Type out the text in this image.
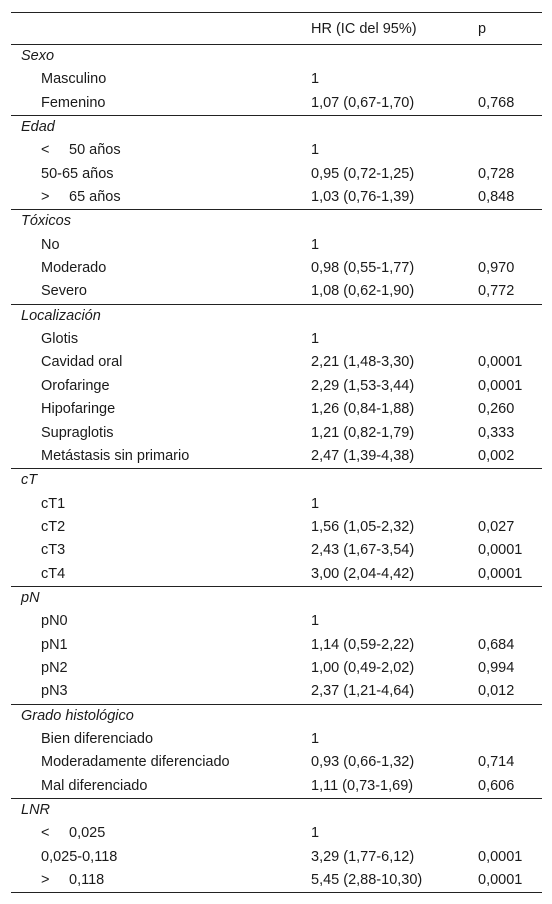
	HR (IC del 95%)	p
Sexo		
Masculino	1	
Femenino	1,07 (0,67-1,70)	0,768
Edad		
< 50 años	1	
50-65 años	0,95 (0,72-1,25)	0,728
> 65 años	1,03 (0,76-1,39)	0,848
Tóxicos		
No	1	
Moderado	0,98 (0,55-1,77)	0,970
Severo	1,08 (0,62-1,90)	0,772
Localización		
Glotis	1	
Cavidad oral	2,21 (1,48-3,30)	0,0001
Orofaringe	2,29 (1,53-3,44)	0,0001
Hipofaringe	1,26 (0,84-1,88)	0,260
Supraglotis	1,21 (0,82-1,79)	0,333
Metástasis sin primario	2,47 (1,39-4,38)	0,002
cT		
cT1	1	
cT2	1,56 (1,05-2,32)	0,027
cT3	2,43 (1,67-3,54)	0,0001
cT4	3,00 (2,04-4,42)	0,0001
pN		
pN0	1	
pN1	1,14 (0,59-2,22)	0,684
pN2	1,00 (0,49-2,02)	0,994
pN3	2,37 (1,21-4,64)	0,012
Grado histológico		
Bien diferenciado	1	
Moderadamente diferenciado	0,93 (0,66-1,32)	0,714
Mal diferenciado	1,11 (0,73-1,69)	0,606
LNR		
< 0,025	1	
0,025-0,118	3,29 (1,77-6,12)	0,0001
> 0,118	5,45 (2,88-10,30)	0,0001
